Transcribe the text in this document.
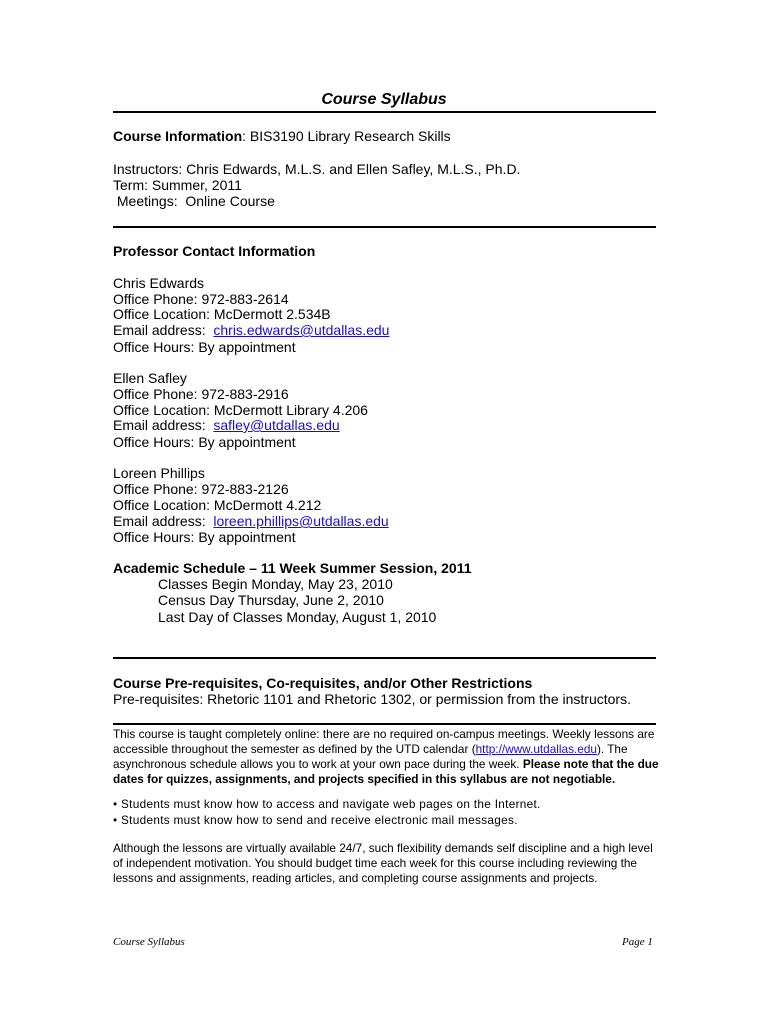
Course Syllabus
Course Information: BIS3190 Library Research Skills
Instructors: Chris Edwards, M.L.S. and Ellen Safley, M.L.S., Ph.D.
Term: Summer, 2011
Meetings:  Online Course
Professor Contact Information
Chris Edwards
Office Phone: 972-883-2614
Office Location: McDermott 2.534B
Email address:  chris.edwards@utdallas.edu
Office Hours: By appointment
Ellen Safley
Office Phone: 972-883-2916
Office Location: McDermott Library 4.206
Email address:  safley@utdallas.edu
Office Hours: By appointment
Loreen Phillips
Office Phone: 972-883-2126
Office Location: McDermott 4.212
Email address:  loreen.phillips@utdallas.edu
Office Hours: By appointment
Academic Schedule – 11 Week Summer Session, 2011
Classes Begin Monday, May 23, 2010
Census Day Thursday, June 2, 2010
Last Day of Classes Monday, August 1, 2010
Course Pre-requisites, Co-requisites, and/or Other Restrictions
Pre-requisites: Rhetoric 1101 and Rhetoric 1302, or permission from the instructors.
This course is taught completely online: there are no required on-campus meetings. Weekly lessons are accessible throughout the semester as defined by the UTD calendar (http://www.utdallas.edu). The asynchronous schedule allows you to work at your own pace during the week. Please note that the due dates for quizzes, assignments, and projects specified in this syllabus are not negotiable.
• Students must know how to access and navigate web pages on the Internet.
• Students must know how to send and receive electronic mail messages.
Although the lessons are virtually available 24/7, such flexibility demands self discipline and a high level of independent motivation. You should budget time each week for this course including reviewing the lessons and assignments, reading articles, and completing course assignments and projects.
Course Syllabus	Page 1
